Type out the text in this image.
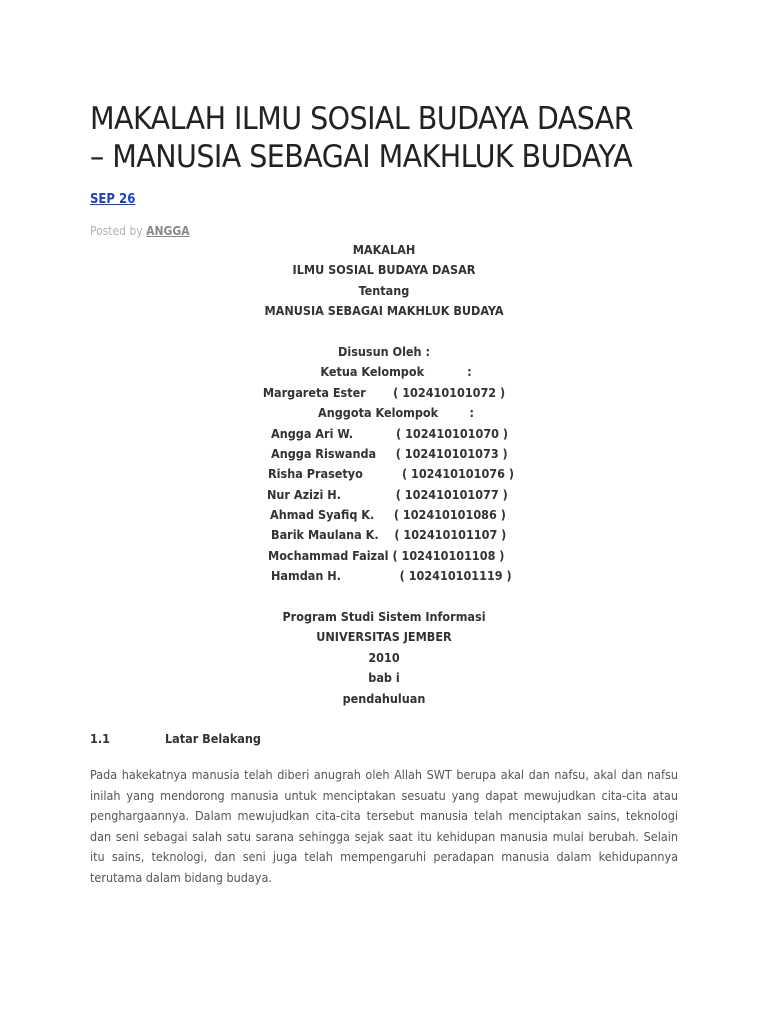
MAKALAH ILMU SOSIAL BUDAYA DASAR – MANUSIA SEBAGAI MAKHLUK BUDAYA
SEP 26
Posted by ANGGA
MAKALAH
ILMU SOSIAL BUDAYA DASAR
Tentang
MANUSIA SEBAGAI MAKHLUK BUDAYA
Disusun Oleh :
Ketua Kelompok           :
Margareta Ester       ( 102410101072 )
Anggota Kelompok        :
Angga Ari W.           ( 102410101070 )
Angga Riswanda     ( 102410101073 )
Risha Prasetyo          ( 102410101076 )
Nur Azizi H.              ( 102410101077 )
Ahmad Syafiq K.     ( 102410101086 )
Barik Maulana K.    ( 102410101107 )
Mochammad Faizal ( 102410101108 )
Hamdan H.               ( 102410101119 )
Program Studi Sistem Informasi
UNIVERSITAS JEMBER
2010
bab i
pendahuluan
1.1	Latar Belakang

Pada hakekatnya manusia telah diberi anugrah oleh Allah SWT berupa akal dan nafsu, akal dan nafsu inilah yang mendorong manusia untuk menciptakan sesuatu yang dapat mewujudkan cita-cita atau penghargaannya. Dalam mewujudkan cita-cita tersebut manusia telah menciptakan sains, teknologi dan seni sebagai salah satu sarana sehingga sejak saat itu kehidupan manusia mulai berubah. Selain itu sains, teknologi, dan seni juga telah mempengaruhi peradapan manusia dalam kehidupannya terutama dalam bidang budaya.
